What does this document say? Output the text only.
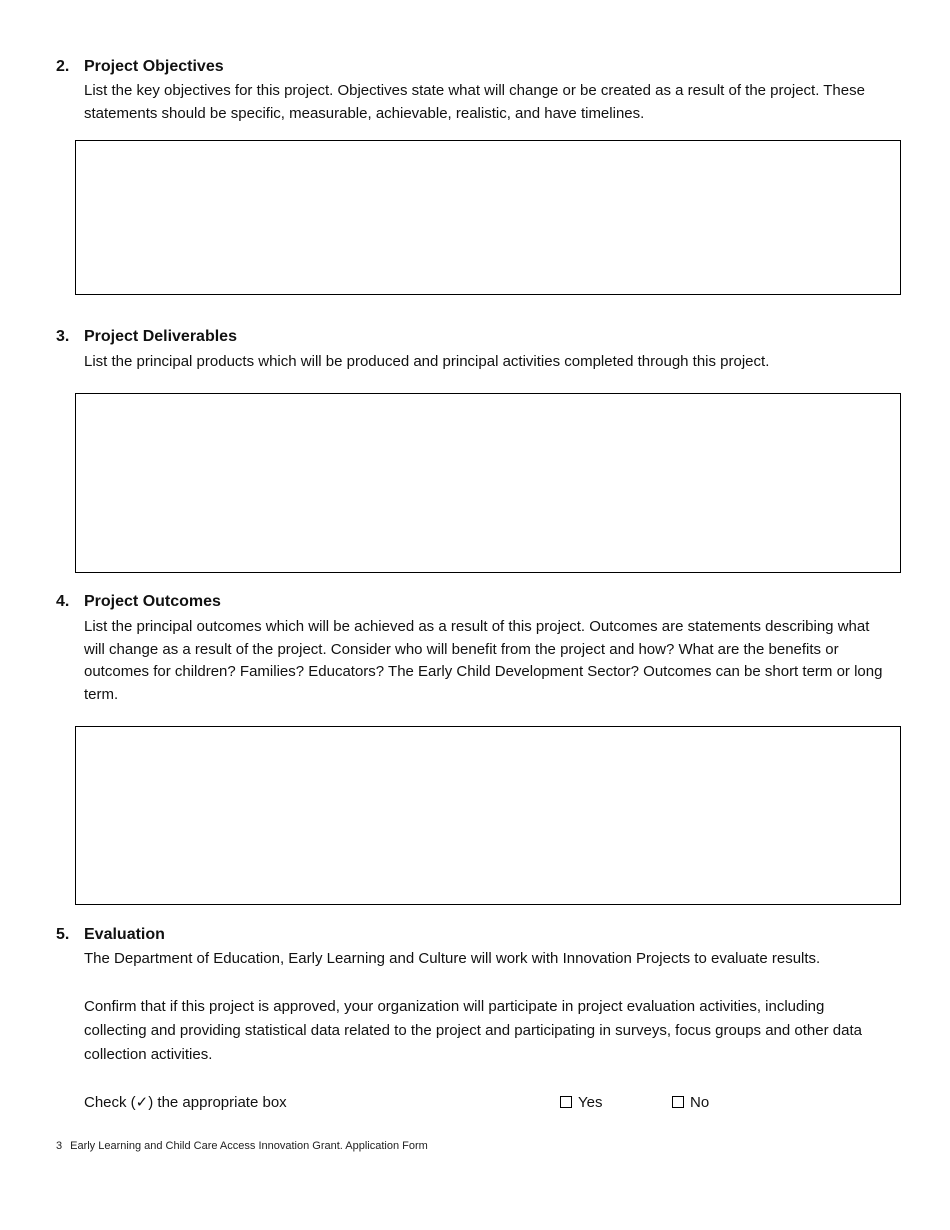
2. Project Objectives
List the key objectives for this project. Objectives state what will change or be created as a result of the project. These statements should be specific, measurable, achievable, realistic, and have timelines.
3. Project Deliverables
List the principal products which will be produced and principal activities completed through this project.
4. Project Outcomes
List the principal outcomes which will be achieved as a result of this project. Outcomes are statements describing what will change as a result of the project. Consider who will benefit from the project and how? What are the benefits or outcomes for children? Families? Educators? The Early Child Development Sector? Outcomes can be short term or long term.
5. Evaluation
The Department of Education, Early Learning and Culture will work with Innovation Projects to evaluate results.
Confirm that if this project is approved, your organization will participate in project evaluation activities, including collecting and providing statistical data related to the project and participating in surveys, focus groups and other data collection activities.
Check (✓) the appropriate box	Yes	No
3 Early Learning and Child Care Access Innovation Grant. Application Form
